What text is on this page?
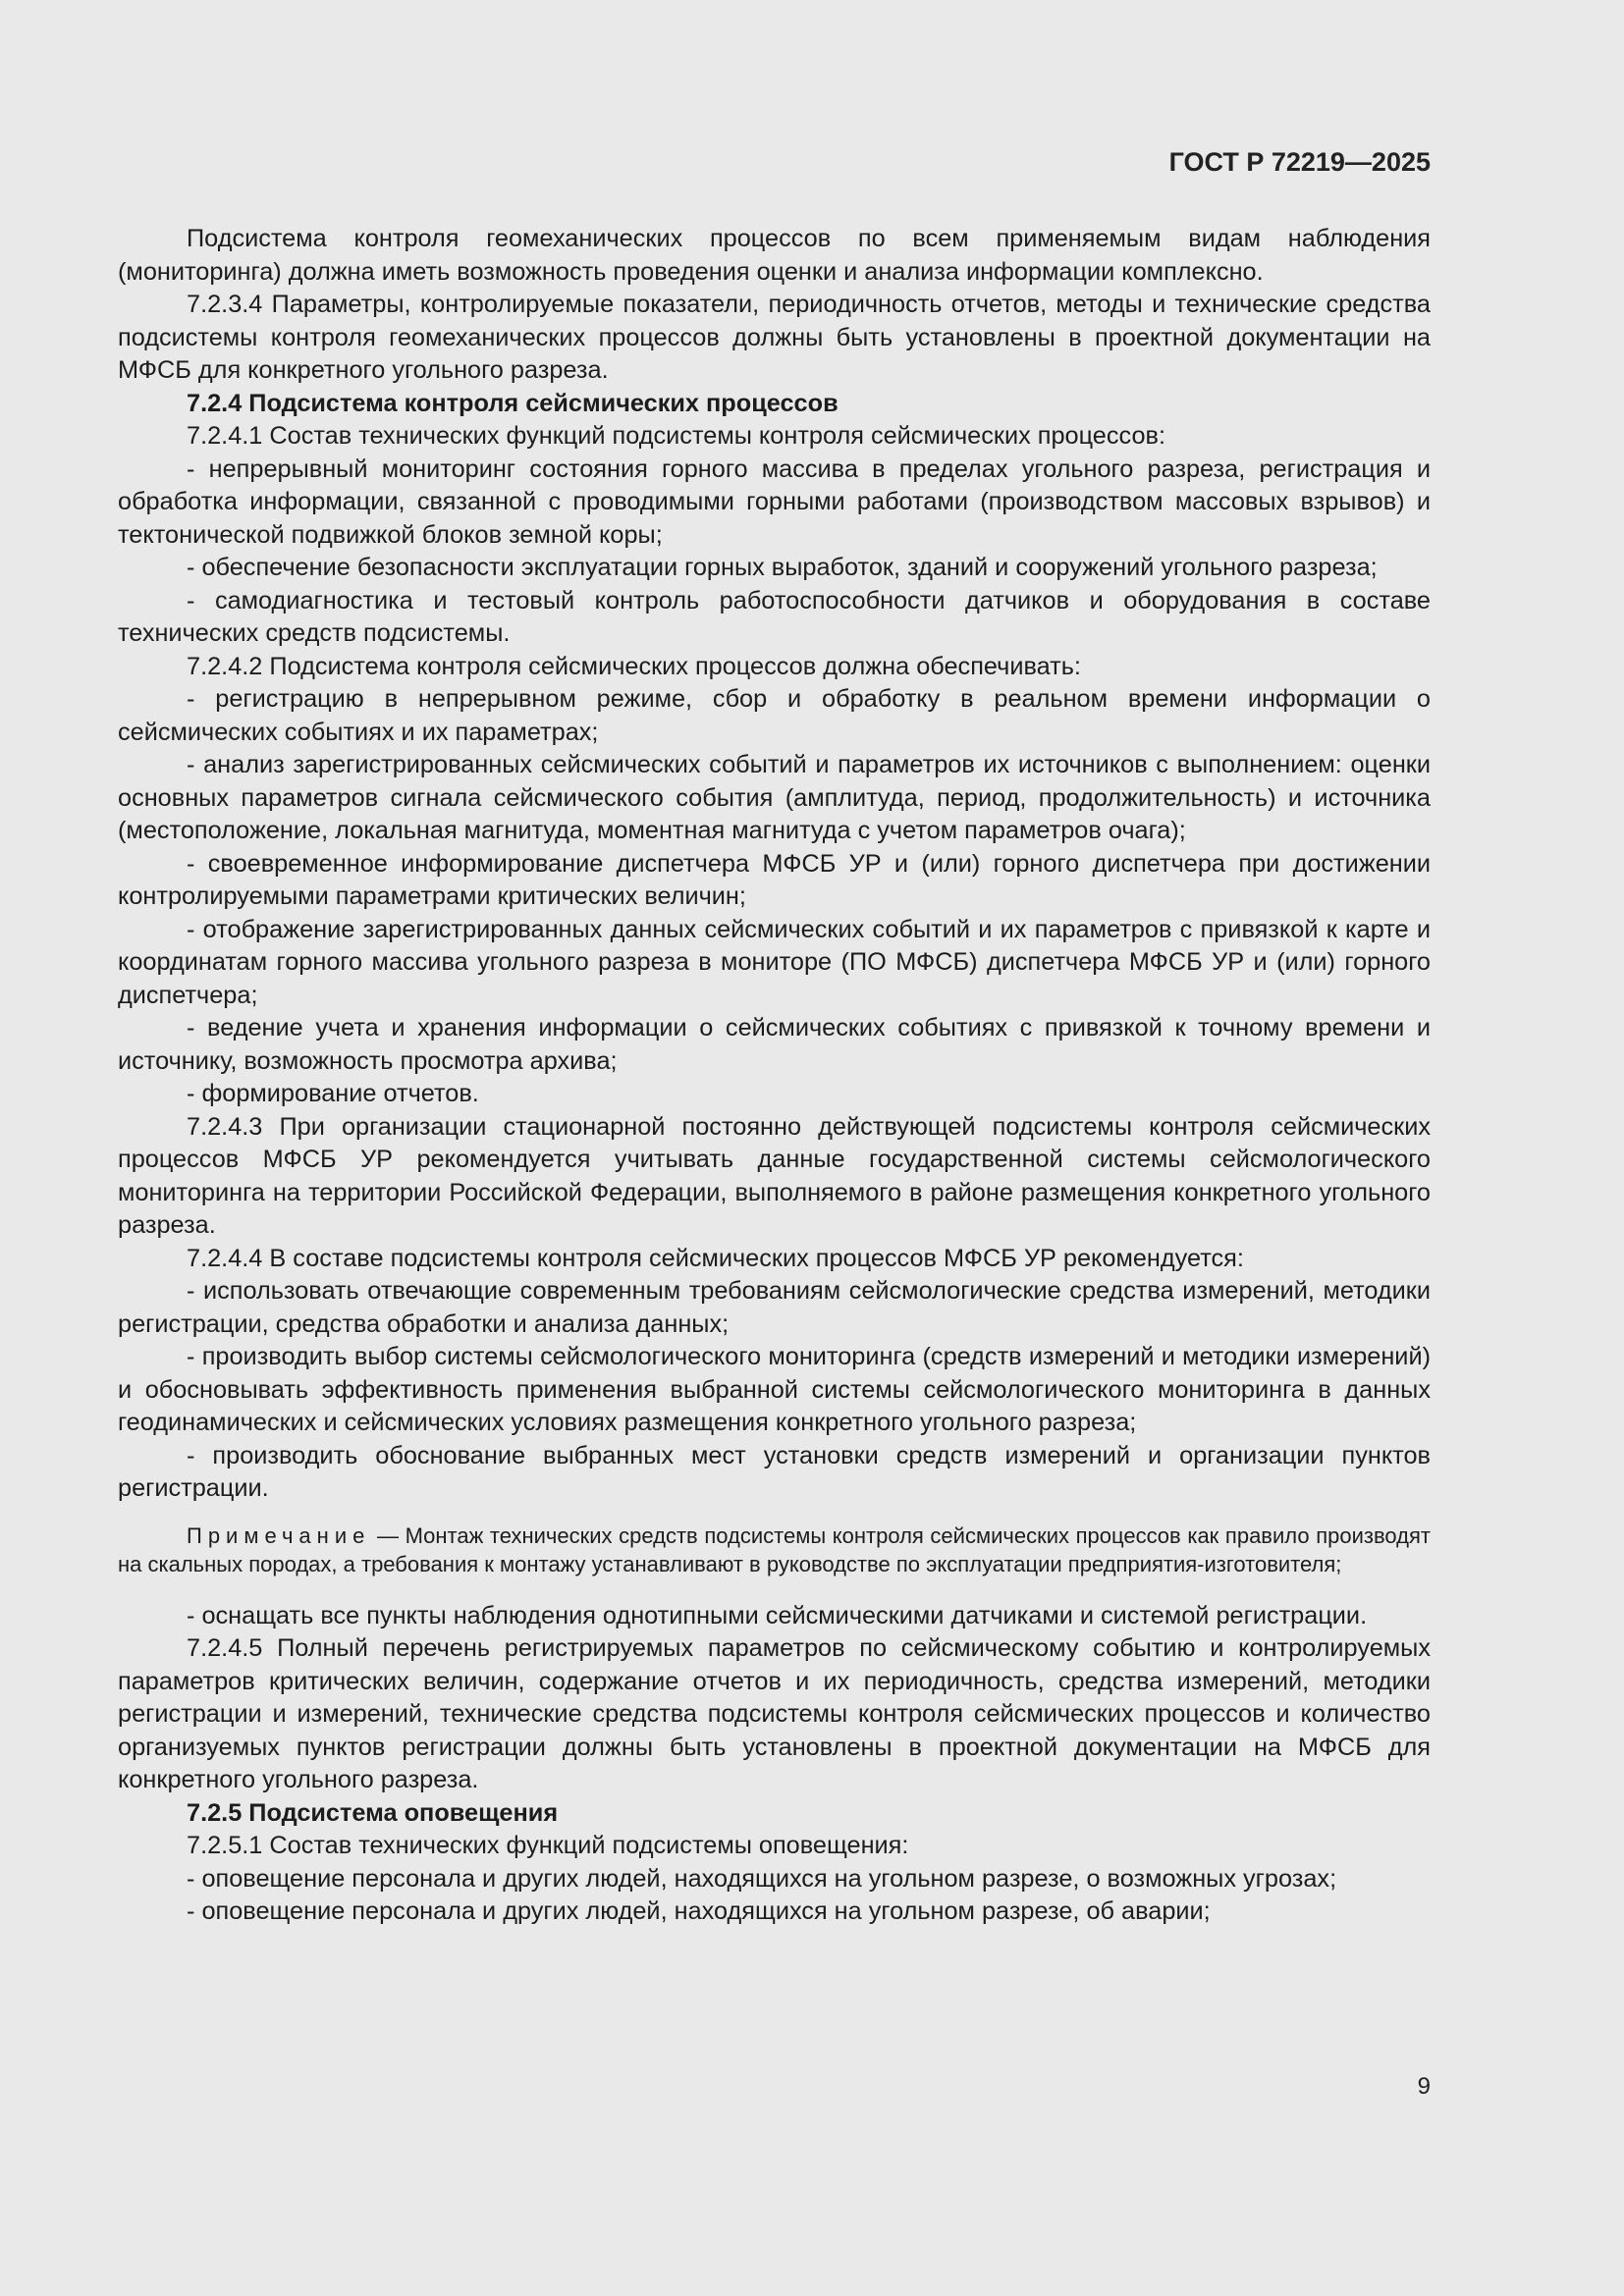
ГОСТ Р 72219—2025

Подсистема контроля геомеханических процессов по всем применяемым видам наблюдения (мониторинга) должна иметь возможность проведения оценки и анализа информации комплексно.

7.2.3.4 Параметры, контролируемые показатели, периодичность отчетов, методы и технические средства подсистемы контроля геомеханических процессов должны быть установлены в проектной документации на МФСБ для конкретного угольного разреза.

7.2.4 Подсистема контроля сейсмических процессов

7.2.4.1 Состав технических функций подсистемы контроля сейсмических процессов:

- непрерывный мониторинг состояния горного массива в пределах угольного разреза, регистрация и обработка информации, связанной с проводимыми горными работами (производством массовых взрывов) и тектонической подвижкой блоков земной коры;

- обеспечение безопасности эксплуатации горных выработок, зданий и сооружений угольного разреза;

- самодиагностика и тестовый контроль работоспособности датчиков и оборудования в составе технических средств подсистемы.

7.2.4.2 Подсистема контроля сейсмических процессов должна обеспечивать:

- регистрацию в непрерывном режиме, сбор и обработку в реальном времени информации о сейсмических событиях и их параметрах;

- анализ зарегистрированных сейсмических событий и параметров их источников с выполнением: оценки основных параметров сигнала сейсмического события (амплитуда, период, продолжительность) и источника (местоположение, локальная магнитуда, моментная магнитуда с учетом параметров очага);

- своевременное информирование диспетчера МФСБ УР и (или) горного диспетчера при достижении контролируемыми параметрами критических величин;

- отображение зарегистрированных данных сейсмических событий и их параметров с привязкой к карте и координатам горного массива угольного разреза в мониторе (ПО МФСБ) диспетчера МФСБ УР и (или) горного диспетчера;

- ведение учета и хранения информации о сейсмических событиях с привязкой к точному времени и источнику, возможность просмотра архива;

- формирование отчетов.

7.2.4.3 При организации стационарной постоянно действующей подсистемы контроля сейсмических процессов МФСБ УР рекомендуется учитывать данные государственной системы сейсмологического мониторинга на территории Российской Федерации, выполняемого в районе размещения конкретного угольного разреза.

7.2.4.4 В составе подсистемы контроля сейсмических процессов МФСБ УР рекомендуется:

- использовать отвечающие современным требованиям сейсмологические средства измерений, методики регистрации, средства обработки и анализа данных;

- производить выбор системы сейсмологического мониторинга (средств измерений и методики измерений) и обосновывать эффективность применения выбранной системы сейсмологического мониторинга в данных геодинамических и сейсмических условиях размещения конкретного угольного разреза;

- производить обоснование выбранных мест установки средств измерений и организации пунктов регистрации.

Примечание — Монтаж технических средств подсистемы контроля сейсмических процессов как правило производят на скальных породах, а требования к монтажу устанавливают в руководстве по эксплуатации предприятия-изготовителя;

- оснащать все пункты наблюдения однотипными сейсмическими датчиками и системой регистрации.

7.2.4.5 Полный перечень регистрируемых параметров по сейсмическому событию и контролируемых параметров критических величин, содержание отчетов и их периодичность, средства измерений, методики регистрации и измерений, технические средства подсистемы контроля сейсмических процессов и количество организуемых пунктов регистрации должны быть установлены в проектной документации на МФСБ для конкретного угольного разреза.

7.2.5 Подсистема оповещения

7.2.5.1 Состав технических функций подсистемы оповещения:

- оповещение персонала и других людей, находящихся на угольном разрезе, о возможных угрозах;

- оповещение персонала и других людей, находящихся на угольном разрезе, об аварии;

9
